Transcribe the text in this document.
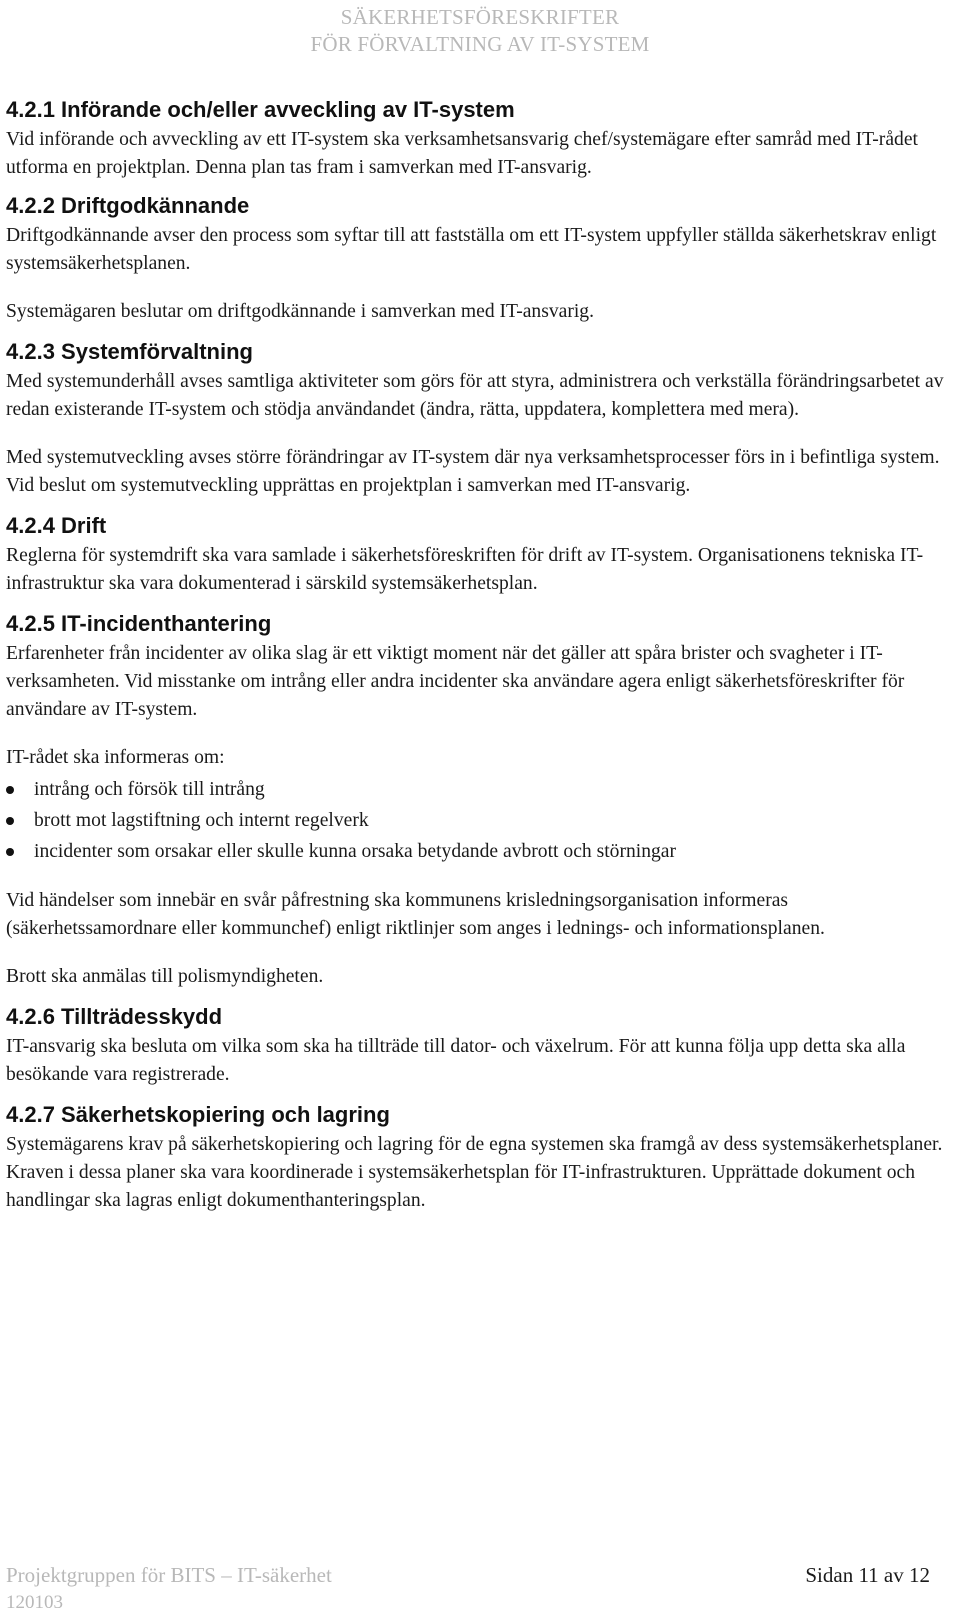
SÄKERHETSFÖRESKRIFTER
FÖR FÖRVALTNING AV IT-SYSTEM
4.2.1 Införande och/eller avveckling av IT-system

Vid införande och avveckling av ett IT-system ska verksamhetsansvarig chef/systemägare efter samråd med IT-rådet utforma en projektplan. Denna plan tas fram i samverkan med IT-ansvarig.

4.2.2 Driftgodkännande

Driftgodkännande avser den process som syftar till att fastställa om ett IT-system uppfyller ställda säkerhetskrav enligt systemsäkerhetsplanen.

Systemägaren beslutar om driftgodkännande i samverkan med IT-ansvarig.

4.2.3 Systemförvaltning

Med systemunderhåll avses samtliga aktiviteter som görs för att styra, administrera och verkställa förändringsarbetet av redan existerande IT-system och stödja användandet (ändra, rätta, uppdatera, komplettera med mera).

Med systemutveckling avses större förändringar av IT-system där nya verksamhetsprocesser förs in i befintliga system. Vid beslut om systemutveckling upprättas en projektplan i samverkan med IT-ansvarig.

4.2.4 Drift

Reglerna för systemdrift ska vara samlade i säkerhetsföreskriften för drift av IT-system. Organisationens tekniska IT-infrastruktur ska vara dokumenterad i särskild systemsäkerhetsplan.

4.2.5 IT-incidenthantering

Erfarenheter från incidenter av olika slag är ett viktigt moment när det gäller att spåra brister och svagheter i IT-verksamheten. Vid misstanke om intrång eller andra incidenter ska användare agera enligt säkerhetsföreskrifter för användare av IT-system.

IT-rådet ska informeras om:

intrång och försök till intrång
brott mot lagstiftning och internt regelverk
incidenter som orsakar eller skulle kunna orsaka betydande avbrott och störningar

Vid händelser som innebär en svår påfrestning ska kommunens krisledningsorganisation informeras (säkerhetssamordnare eller kommunchef) enligt riktlinjer som anges i lednings- och informationsplanen.

Brott ska anmälas till polismyndigheten.

4.2.6 Tillträdesskydd

IT-ansvarig ska besluta om vilka som ska ha tillträde till dator- och växelrum. För att kunna följa upp detta ska alla besökande vara registrerade.

4.2.7 Säkerhetskopiering och lagring

Systemägarens krav på säkerhetskopiering och lagring för de egna systemen ska framgå av dess systemsäkerhetsplaner. Kraven i dessa planer ska vara koordinerade i systemsäkerhetsplan för IT-infrastrukturen. Upprättade dokument och handlingar ska lagras enligt dokumenthanteringsplan.

Projektgruppen för BITS – IT-säkerhet	Sidan 11 av 12
120103
